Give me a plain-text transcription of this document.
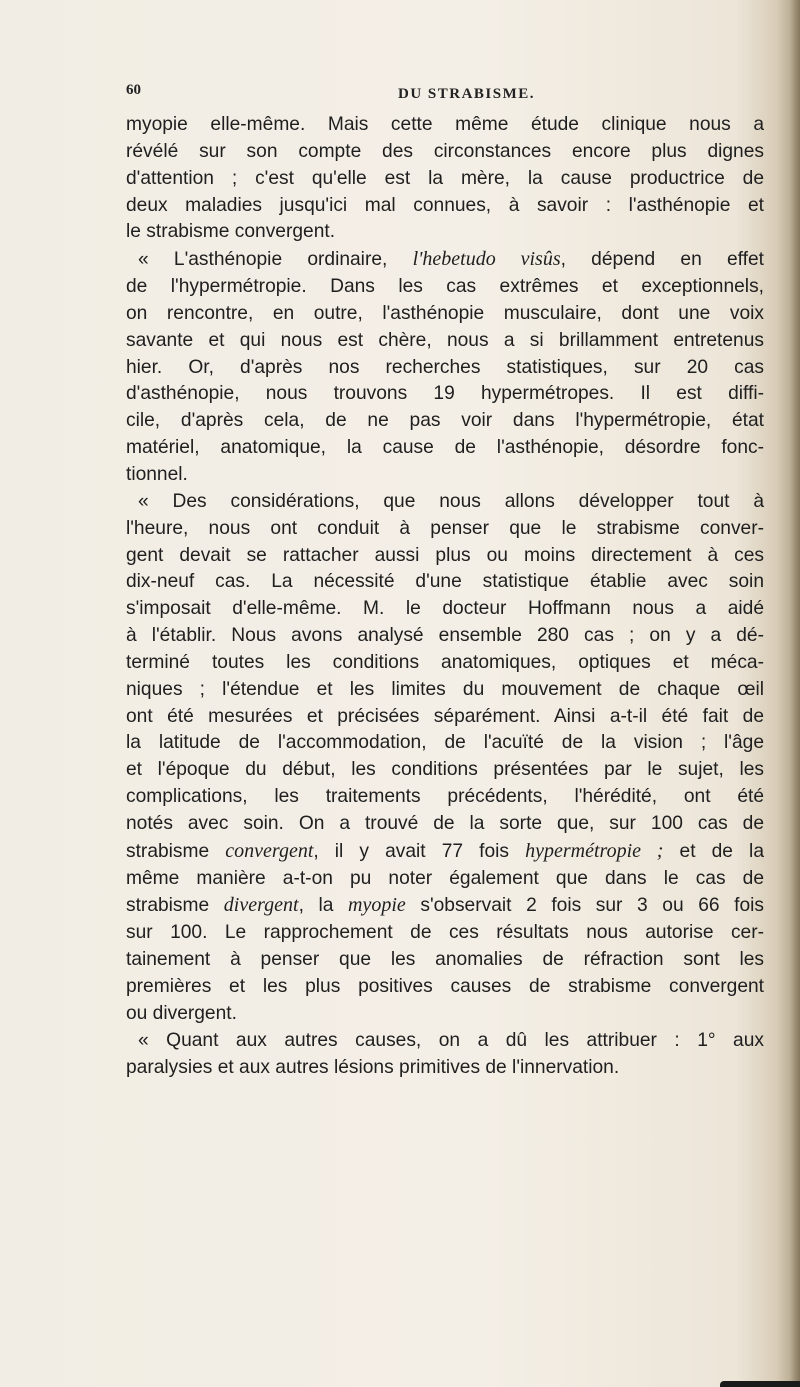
60	DU STRABISME.
myopie elle-même. Mais cette même étude clinique nous a
révélé sur son compte des circonstances encore plus dignes
d'attention ; c'est qu'elle est la mère, la cause productrice de
deux maladies jusqu'ici mal connues, à savoir : l'asthénopie et
le strabisme convergent.
« L'asthénopie ordinaire, l'hebetudo visûs, dépend en effet
de l'hypermétropie. Dans les cas extrêmes et exceptionnels,
on rencontre, en outre, l'asthénopie musculaire, dont une voix
savante et qui nous est chère, nous a si brillamment entretenus
hier. Or, d'après nos recherches statistiques, sur 20 cas
d'asthénopie, nous trouvons 19 hypermétropes. Il est diffi-
cile, d'après cela, de ne pas voir dans l'hypermétropie, état
matériel, anatomique, la cause de l'asthénopie, désordre fonc-
tionnel.
« Des considérations, que nous allons développer tout à
l'heure, nous ont conduit à penser que le strabisme conver-
gent devait se rattacher aussi plus ou moins directement à ces
dix-neuf cas. La nécessité d'une statistique établie avec soin
s'imposait d'elle-même. M. le docteur Hoffmann nous a aidé
à l'établir. Nous avons analysé ensemble 280 cas ; on y a dé-
terminé toutes les conditions anatomiques, optiques et méca-
niques ; l'étendue et les limites du mouvement de chaque œil
ont été mesurées et précisées séparément. Ainsi a-t-il été fait de
la latitude de l'accommodation, de l'acuïté de la vision ; l'âge
et l'époque du début, les conditions présentées par le sujet, les
complications, les traitements précédents, l'hérédité, ont été
notés avec soin. On a trouvé de la sorte que, sur 100 cas de
strabisme convergent, il y avait 77 fois hypermétropie ; et de la
même manière a-t-on pu noter également que dans le cas de
strabisme divergent, la myopie s'observait 2 fois sur 3 ou 66 fois
sur 100. Le rapprochement de ces résultats nous autorise cer-
tainement à penser que les anomalies de réfraction sont les
premières et les plus positives causes de strabisme convergent
ou divergent.
« Quant aux autres causes, on a dû les attribuer : 1° aux
paralysies et aux autres lésions primitives de l'innervation.
